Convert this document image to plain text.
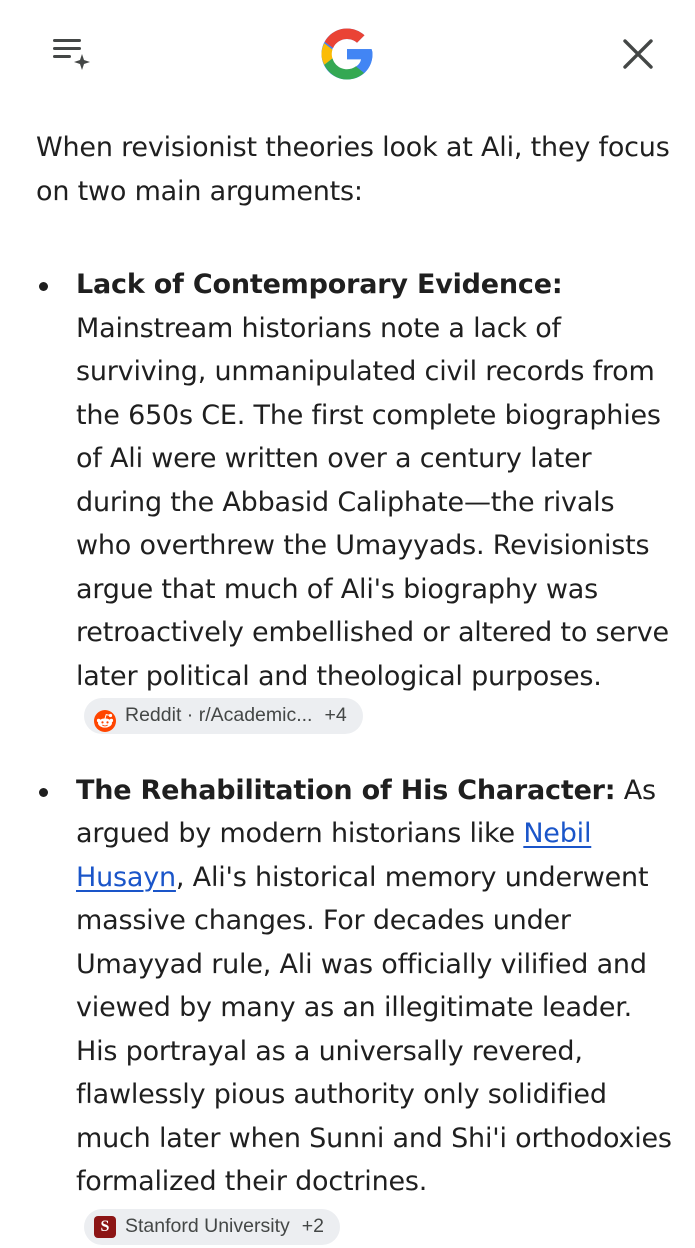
When revisionist theories look at Ali, they focus on two main arguments:

Lack of Contemporary Evidence: Mainstream historians note a lack of surviving, unmanipulated civil records from the 650s CE. The first complete biographies of Ali were written over a century later during the Abbasid Caliphate—the rivals who overthrew the Umayyads. Revisionists argue that much of Ali's biography was retroactively embellished or altered to serve later political and theological purposes.
Reddit · r/Academic... +4
The Rehabilitation of His Character: As argued by modern historians like Nebil Husayn, Ali's historical memory underwent massive changes. For decades under Umayyad rule, Ali was officially vilified and viewed by many as an illegitimate leader. His portrayal as a universally revered, flawlessly pious authority only solidified much later when Sunni and Shi'i orthodoxies formalized their doctrines.
S Stanford University +2
